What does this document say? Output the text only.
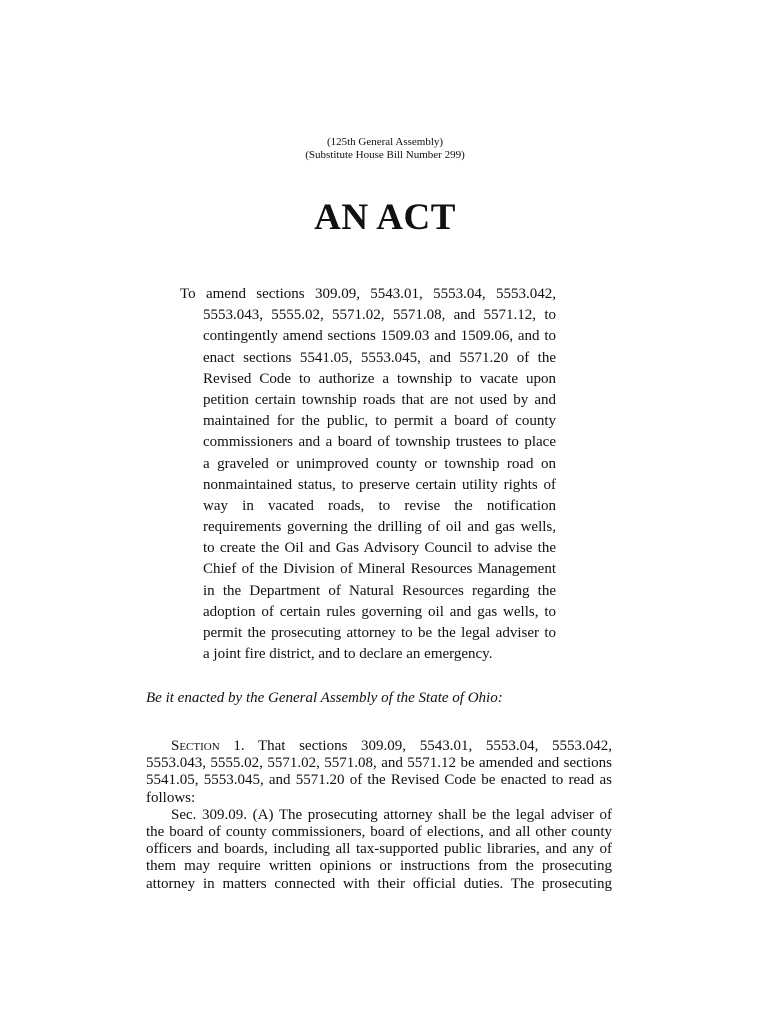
(125th General Assembly)
(Substitute House Bill Number 299)
AN ACT
To amend sections 309.09, 5543.01, 5553.04, 5553.042,
5553.043, 5555.02, 5571.02, 5571.08, and 5571.12, to
contingently amend sections 1509.03 and 1509.06, and to
enact sections 5541.05, 5553.045, and 5571.20 of the
Revised Code to authorize a township to vacate upon
petition certain township roads that are not used by and
maintained for the public, to permit a board of county
commissioners and a board of township trustees to place
a graveled or unimproved county or township road on
nonmaintained status, to preserve certain utility rights of
way in vacated roads, to revise the notification
requirements governing the drilling of oil and gas wells,
to create the Oil and Gas Advisory Council to advise the
Chief of the Division of Mineral Resources Management
in the Department of Natural Resources regarding the
adoption of certain rules governing oil and gas wells, to
permit the prosecuting attorney to be the legal adviser to
a joint fire district, and to declare an emergency.
Be it enacted by the General Assembly of the State of Ohio:
Section 1. That sections 309.09, 5543.01, 5553.04, 5553.042,
5553.043, 5555.02, 5571.02, 5571.08, and 5571.12 be amended and sections
5541.05, 5553.045, and 5571.20 of the Revised Code be enacted to read as
follows:
Sec. 309.09. (A) The prosecuting attorney shall be the legal adviser of
the board of county commissioners, board of elections, and all other county
officers and boards, including all tax-supported public libraries, and any of
them may require written opinions or instructions from the prosecuting
attorney in matters connected with their official duties. The prosecuting
